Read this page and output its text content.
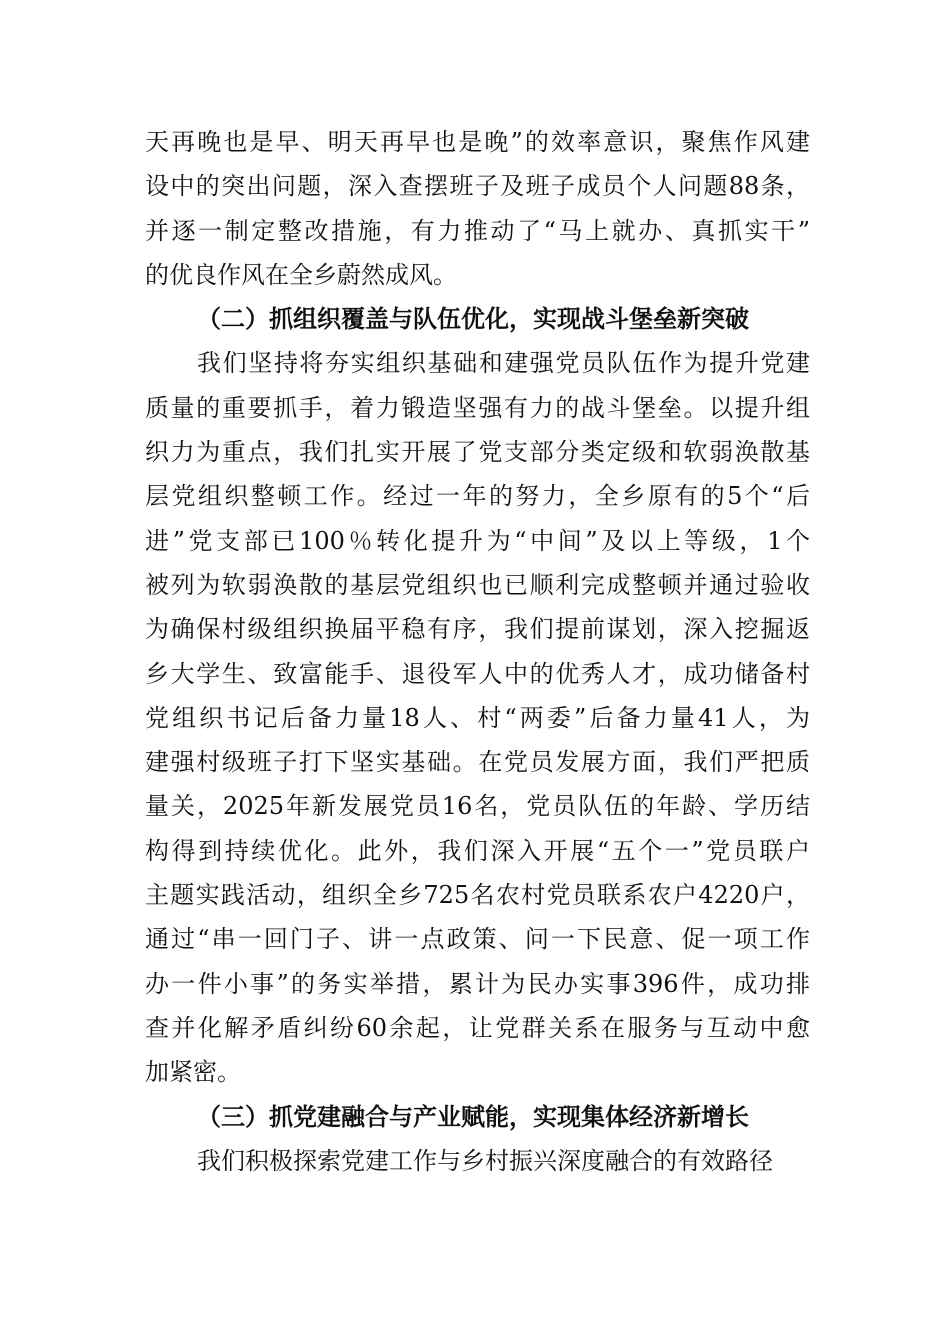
天再晚也是早、明天再早也是晚”的效率意识，聚焦作风建
设中的突出问题，深入查摆班子及班子成员个人问题88条，
并逐一制定整改措施，有力推动了“马上就办、真抓实干”
的优良作风在全乡蔚然成风。
（二）抓组织覆盖与队伍优化，实现战斗堡垒新突破
我们坚持将夯实组织基础和建强党员队伍作为提升党建
质量的重要抓手，着力锻造坚强有力的战斗堡垒。以提升组
织力为重点，我们扎实开展了党支部分类定级和软弱涣散基
层党组织整顿工作。经过一年的努力，全乡原有的5个“后
进”党支部已100％转化提升为“中间”及以上等级，1个
被列为软弱涣散的基层党组织也已顺利完成整顿并通过验收
为确保村级组织换届平稳有序，我们提前谋划，深入挖掘返
乡大学生、致富能手、退役军人中的优秀人才，成功储备村
党组织书记后备力量18人、村“两委”后备力量41人，为
建强村级班子打下坚实基础。在党员发展方面，我们严把质
量关，2025年新发展党员16名，党员队伍的年龄、学历结
构得到持续优化。此外，我们深入开展“五个一”党员联户
主题实践活动，组织全乡725名农村党员联系农户4220户，
通过“串一回门子、讲一点政策、问一下民意、促一项工作
办一件小事”的务实举措，累计为民办实事396件，成功排
查并化解矛盾纠纷60余起，让党群关系在服务与互动中愈
加紧密。
（三）抓党建融合与产业赋能，实现集体经济新增长
我们积极探索党建工作与乡村振兴深度融合的有效路径
